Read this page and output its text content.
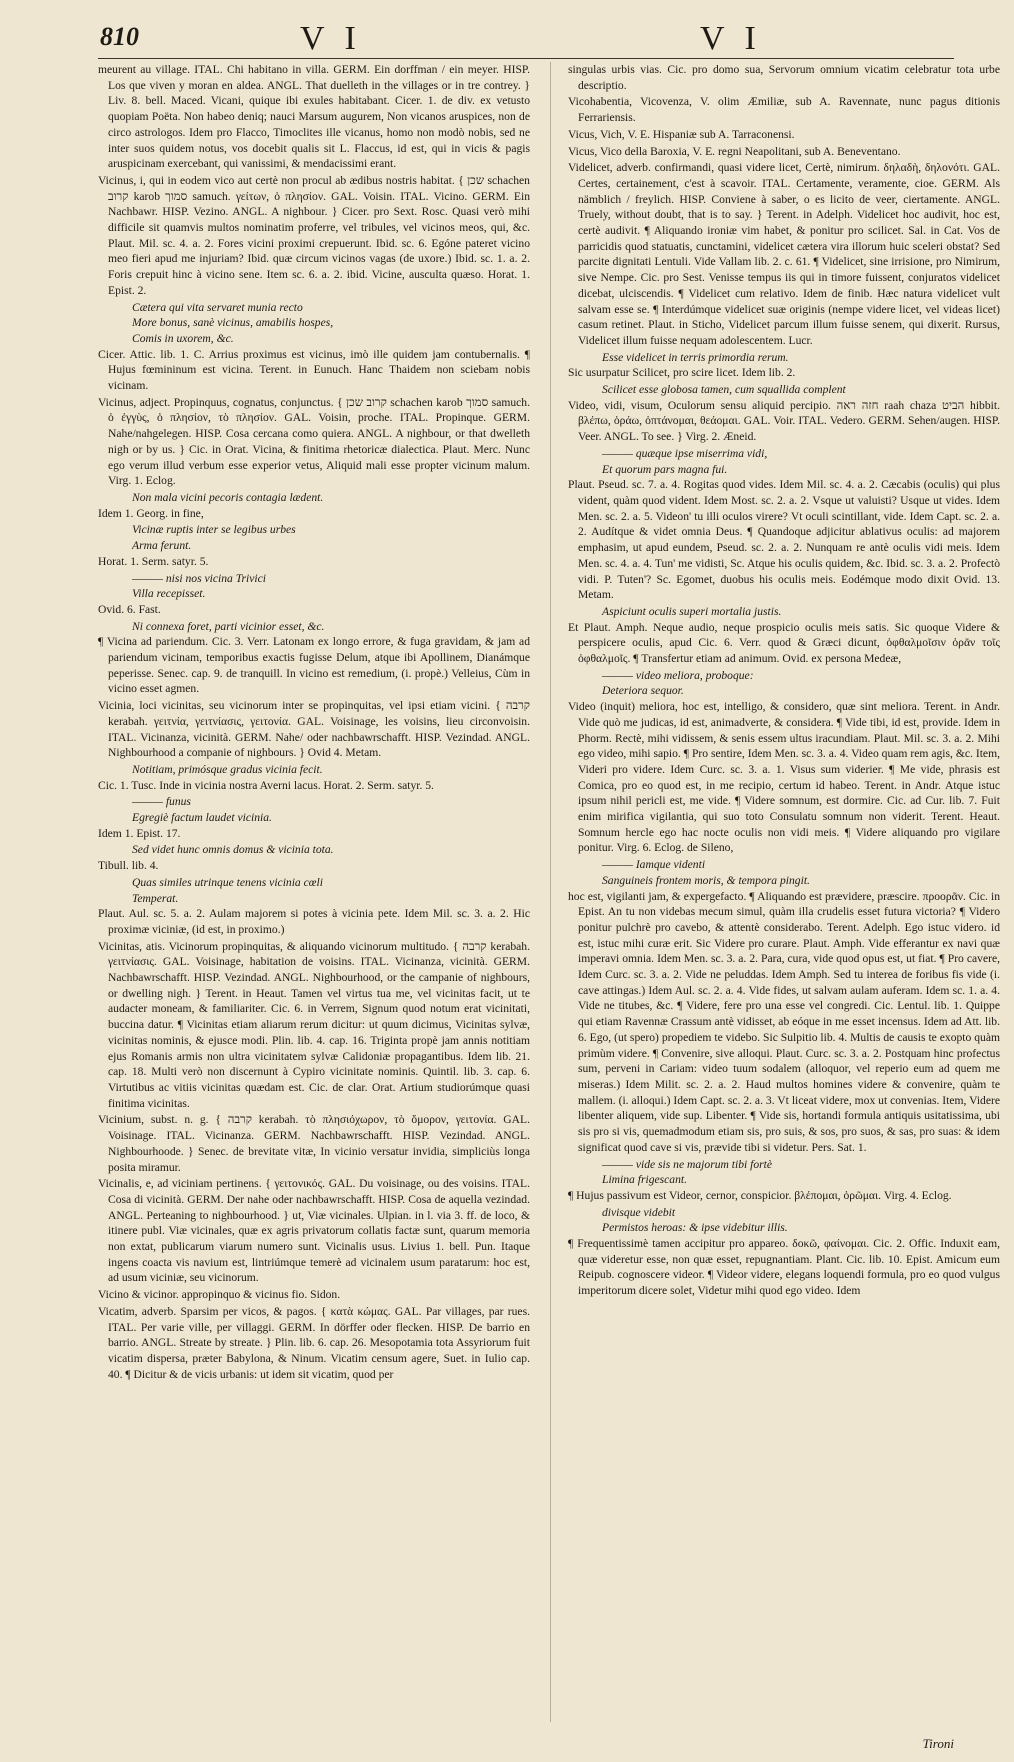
810	V I	V I

meurent au village. ITAL. Chi habitano in villa. GERM. Ein dorffman / ein meyer. HISP. Los que viven y moran en aldea. ANGL. That duelleth in the villages or in tre contrey. } Liv. 8. bell. Maced. Vicani, quique ibi exules habitabant. Cicer. 1. de div. ex vetusto quopiam Poëta. Non habeo deniq; nauci Marsum augurem, Non vicanos aruspices, non de circo astrologos. Idem pro Flacco, Timoclites ille vicanus, homo non modò nobis, sed ne inter suos quidem notus, vos docebit qualis sit L. Flaccus, id est, qui in vicis & pagis aruspicinam exercebant, qui vanissimi, & mendacissimi erant.

Vicinus, i, qui in eodem vico aut certè non procul ab ædibus nostris habitat. { שכן schachen קרוב karob סמוך samuch. γείτων, ὁ πλησίον. GAL. Voisin. ITAL. Vicino. GERM. Ein Nachbawr. HISP. Vezino. ANGL. A nighbour. } Cicer. pro Sext. Rosc. Quasi verò mihi difficile sit quamvis multos nominatim proferre, vel tribules, vel vicinos meos, qui, &c. Plaut. Mil. sc. 4. a. 2. Fores vicini proximi crepuerunt. Ibid. sc. 6. Egóne pateret vicino meo fieri apud me injuriam? Ibid. quæ circum vicinos vagas (de uxore.) Ibid. sc. 1. a. 2. Foris crepuit hinc à vicino sene. Item sc. 6. a. 2. ibid. Vicine, ausculta quæso. Horat. 1. Epist. 2.

Cætera qui vita servaret munia recto

More bonus, sanè vicinus, amabilis hospes,

Comis in uxorem, &c.

Cicer. Attic. lib. 1. C. Arrius proximus est vicinus, imò ille quidem jam contubernalis. ¶ Hujus fœmininum est vicina. Terent. in Eunuch. Hanc Thaidem non sciebam nobis vicinam.

Vicinus, adject. Propinquus, cognatus, conjunctus. { קרוב שכן schachen karob סמוך samuch. ὁ ἐγγὺς, ὁ πλησίον, τὸ πλησίον. GAL. Voisin, proche. ITAL. Propinque. GERM. Nahe/nahgelegen. HISP. Cosa cercana como quiera. ANGL. A nighbour, or that dwelleth nigh or by us. } Cic. in Orat. Vicina, & finitima rhetoricæ dialectica. Plaut. Merc. Nunc ego verum illud verbum esse experior vetus, Aliquid mali esse propter vicinum malum. Virg. 1. Eclog.

Non mala vicini pecoris contagia lædent.

Idem 1. Georg. in fine,

Vicinæ ruptis inter se legibus urbes

Arma ferunt.

Horat. 1. Serm. satyr. 5.

——— nisi nos vicina Trivici

Villa recepisset.

Ovid. 6. Fast.

Ni connexa foret, parti vicinior esset, &c.

¶ Vicina ad pariendum. Cic. 3. Verr. Latonam ex longo errore, & fuga gravidam, & jam ad pariendum vicinam, temporibus exactis fugisse Delum, atque ibi Apollinem, Dianámque peperisse. Senec. cap. 9. de tranquill. In vicino est remedium, (i. propè.) Velleius, Cùm in vicino esset agmen.

Vicinia, loci vicinitas, seu vicinorum inter se propinquitas, vel ipsi etiam vicini. { קרבה kerabah. γειτνία, γειτνίασις, γειτονία. GAL. Voisinage, les voisins, lieu circonvoisin. ITAL. Vicinanza, vicinità. GERM. Nahe/ oder nachbawrschafft. HISP. Vezindad. ANGL. Nighbourhood a companie of nighbours. } Ovid 4. Metam.

Notitiam, primósque gradus vicinia fecit.

Cic. 1. Tusc. Inde in vicinia nostra Averni lacus. Horat. 2. Serm. satyr. 5.

——— funus

Egregiè factum laudet vicinia.

Idem 1. Epist. 17.

Sed videt hunc omnis domus & vicinia tota.

Tibull. lib. 4.

Quas similes utrinque tenens vicinia cœli

Temperat.

Plaut. Aul. sc. 5. a. 2. Aulam majorem si potes à vicinia pete. Idem Mil. sc. 3. a. 2. Hic proximæ viciniæ, (id est, in proximo.)

Vicinitas, atis. Vicinorum propinquitas, & aliquando vicinorum multitudo. { קרבה kerabah. γειτνίασις. GAL. Voisinage, habitation de voisins. ITAL. Vicinanza, vicinità. GERM. Nachbawrschafft. HISP. Vezindad. ANGL. Nighbourhood, or the campanie of nighbours, or dwelling nigh. } Terent. in Heaut. Tamen vel virtus tua me, vel vicinitas facit, ut te audacter moneam, & familiariter. Cic. 6. in Verrem, Signum quod notum erat vicinitati, buccina datur. ¶ Vicinitas etiam aliarum rerum dicitur: ut quum dicimus, Vicinitas sylvæ, vicinitas nominis, & ejusce modi. Plin. lib. 4. cap. 16. Triginta propè jam annis notitiam ejus Romanis armis non ultra vicinitatem sylvæ Calidoniæ propagantibus. Idem lib. 21. cap. 18. Multi verò non discernunt à Cypiro vicinitate nominis. Quintil. lib. 3. cap. 6. Virtutibus ac vitiis vicinitas quædam est. Cic. de clar. Orat. Artium studiorúmque quasi finitima vicinitas.

Vicinium, subst. n. g. { קרבה kerabah. τὸ πλησιόχωρον, τὸ ὅμορον, γειτονία. GAL. Voisinage. ITAL. Vicinanza. GERM. Nachbawrschafft. HISP. Vezindad. ANGL. Nighbourhoode. } Senec. de brevitate vitæ, In vicinio versatur invidia, simpliciùs longa posita miramur.

Vicinalis, e, ad viciniam pertinens. { γειτονικός. GAL. Du voisinage, ou des voisins. ITAL. Cosa di vicinità. GERM. Der nahe oder nachbawrschafft. HISP. Cosa de aquella vezindad. ANGL. Perteaning to nighbourhood. } ut, Viæ vicinales. Ulpian. in l. via 3. ff. de loco, & itinere publ. Viæ vicinales, quæ ex agris privatorum collatis factæ sunt, quarum memoria non extat, publicarum viarum numero sunt. Vicinalis usus. Livius 1. bell. Pun. Itaque ingens coacta vis navium est, lintriúmque temerè ad vicinalem usum paratarum: hoc est, ad usum viciniæ, seu vicinorum.

Vicino & vicinor. appropinquo & vicinus fio. Sidon.

Vicatim, adverb. Sparsim per vicos, & pagos. { κατὰ κώμας. GAL. Par villages, par rues. ITAL. Per varie ville, per villaggi. GERM. In dörffer oder flecken. HISP. De barrio en barrio. ANGL. Streate by streate. } Plin. lib. 6. cap. 26. Mesopotamia tota Assyriorum fuit vicatim dispersa, præter Babylona, & Ninum. Vicatim censum agere, Suet. in Iulio cap. 40. ¶ Dicitur & de vicis urbanis: ut idem sit vicatim, quod per

singulas urbis vias. Cic. pro domo sua, Servorum omnium vicatim celebratur tota urbe descriptio.

Vicohabentia, Vicovenza, V. olim Æmiliæ, sub A. Ravennate, nunc pagus ditionis Ferrariensis.

Vicus, Vich, V. E. Hispaniæ sub A. Tarraconensi.

Vicus, Vico della Baroxia, V. E. regni Neapolitani, sub A. Beneventano.

Videlicet, adverb. confirmandi, quasi videre licet, Certè, nimirum. δηλαδὴ, δηλονότι. GAL. Certes, certainement, c'est à scavoir. ITAL. Certamente, veramente, cioe. GERM. Als nämblich / freylich. HISP. Conviene à saber, o es licito de veer, ciertamente. ANGL. Truely, without doubt, that is to say. } Terent. in Adelph. Videlicet hoc audivit, hoc est, certè audivit. ¶ Aliquando ironiæ vim habet, & ponitur pro scilicet. Sal. in Cat. Vos de parricidis quod statuatis, cunctamini, videlicet cætera vira illorum huic sceleri obstat? Sed parcite dignitati Lentuli. Vide Vallam lib. 2. c. 61. ¶ Videlicet, sine irrisione, pro Nimirum, sive Nempe. Cic. pro Sest. Venisse tempus iis qui in timore fuissent, conjuratos videlicet dicebat, ulciscendis. ¶ Videlicet cum relativo. Idem de finib. Hæc natura videlicet vult salvam esse se. ¶ Interdúmque videlicet suæ originis (nempe videre licet, vel videas licet) casum retinet. Plaut. in Sticho, Videlicet parcum illum fuisse senem, qui dixerit. Rursus, Videlicet illum fuisse nequam adolescentem. Lucr.

Esse videlicet in terris primordia rerum.

Sic usurpatur Scilicet, pro scire licet. Idem lib. 2.

Scilicet esse globosa tamen, cum squallida complent

Video, vidi, visum, Oculorum sensu aliquid percipio. חזה ראה raah chaza הביט hibbit. βλέπω, ὁράω, ὀπτάνομαι, θεάομαι. GAL. Voir. ITAL. Vedero. GERM. Sehen/augen. HISP. Veer. ANGL. To see. } Virg. 2. Æneid.

——— quæque ipse miserrima vidi,

Et quorum pars magna fui.

Plaut. Pseud. sc. 7. a. 4. Rogitas quod vides. Idem Mil. sc. 4. a. 2. Cæcabis (oculis) qui plus vident, quàm quod vident. Idem Most. sc. 2. a. 2. Vsque ut valuisti? Usque ut vides. Idem Men. sc. 2. a. 5. Videon' tu illi oculos virere? Vt oculi scintillant, vide. Idem Capt. sc. 2. a. 2. Audítque & videt omnia Deus. ¶ Quandoque adjicitur ablativus oculis: ad majorem emphasim, ut apud eundem, Pseud. sc. 2. a. 2. Nunquam re antè oculis vidi meis. Idem Men. sc. 4. a. 4. Tun' me vidisti, Sc. Atque his oculis quidem, &c. Ibid. sc. 3. a. 2. Profectò vidi. P. Tuten'? Sc. Egomet, duobus his oculis meis. Eodémque modo dixit Ovid. 13. Metam.

Aspiciunt oculis superi mortalia justis.

Et Plaut. Amph. Neque audio, neque prospicio oculis meis satis. Sic quoque Videre & perspicere oculis, apud Cic. 6. Verr. quod & Græci dicunt, ὀφθαλμοῖσιν ὁρᾶν τοῖς ὀφθαλμοῖς. ¶ Transfertur etiam ad animum. Ovid. ex persona Medeæ,

——— video meliora, proboque:

Deteriora sequor.

Video (inquit) meliora, hoc est, intelligo, & considero, quæ sint meliora. Terent. in Andr. Vide quò me judicas, id est, animadverte, & considera. ¶ Vide tibi, id est, provide. Idem in Phorm. Rectè, mihi vidissem, & senis essem ultus iracundiam. Plaut. Mil. sc. 3. a. 2. Mihi ego video, mihi sapio. ¶ Pro sentire, Idem Men. sc. 3. a. 4. Video quam rem agis, &c. Item, Videri pro videre. Idem Curc. sc. 3. a. 1. Visus sum viderier. ¶ Me vide, phrasis est Comica, pro eo quod est, in me recipio, certum id habeo. Terent. in Andr. Atque istuc ipsum nihil pericli est, me vide. ¶ Videre somnum, est dormire. Cic. ad Cur. lib. 7. Fuit enim mirifica vigilantia, qui suo toto Consulatu somnum non viderit. Terent. Heaut. Somnum hercle ego hac nocte oculis non vidi meis. ¶ Videre aliquando pro vigilare ponitur. Virg. 6. Eclog. de Sileno,

——— Iamque videnti

Sanguineis frontem moris, & tempora pingit.

hoc est, vigilanti jam, & expergefacto. ¶ Aliquando est prævidere, præscire. προορᾶν. Cic. in Epist. An tu non videbas mecum simul, quàm illa crudelis esset futura victoria? ¶ Videro ponitur pulchrè pro cavebo, & attentè considerabo. Terent. Adelph. Ego istuc videro. id est, istuc mihi curæ erit. Sic Videre pro curare. Plaut. Amph. Vide efferantur ex navi quæ imperavi omnia. Idem Men. sc. 3. a. 2. Para, cura, vide quod opus est, ut fiat. ¶ Pro cavere, Idem Curc. sc. 3. a. 2. Vide ne peluddas. Idem Amph. Sed tu interea de foribus fis vide (i. cave attingas.) Idem Aul. sc. 2. a. 4. Vide fides, ut salvam aulam auferam. Idem sc. 1. a. 4. Vide ne titubes, &c. ¶ Videre, fere pro una esse vel congredi. Cic. Lentul. lib. 1. Quippe qui etiam Ravennæ Crassum antè vidisset, ab eóque in me esset incensus. Idem ad Att. lib. 6. Ego, (ut spero) propediem te videbo. Sic Sulpitio lib. 4. Multis de causis te exopto quàm primùm videre. ¶ Convenire, sive alloqui. Plaut. Curc. sc. 3. a. 2. Postquam hinc profectus sum, perveni in Cariam: video tuum sodalem (alloquor, vel reperio eum ad quem me miseras.) Idem Milit. sc. 2. a. 2. Haud multos homines videre & convenire, quàm te mallem. (i. alloqui.) Idem Capt. sc. 2. a. 3. Vt liceat videre, mox ut convenias. Item, Videre libenter aliquem, vide sup. Libenter. ¶ Vide sis, hortandi formula antiquis usitatissima, ubi sis pro si vis, quemadmodum etiam sis, pro suis, & sos, pro suos, & sas, pro suas: & idem significat quod cave si vis, prævide tibi si videtur. Pers. Sat. 1.

——— vide sis ne majorum tibi fortè

Limina frigescant.

¶ Hujus passivum est Videor, cernor, conspicior. βλέπομαι, ὁρῶμαι. Virg. 4. Eclog.

divisque videbit

Permistos heroas: & ipse videbitur illis.

¶ Frequentissimè tamen accipitur pro appareo. δοκῶ, φαίνομαι. Cic. 2. Offic. Induxit eam, quæ videretur esse, non quæ esset, repugnantiam. Plant. Cic. lib. 10. Epist. Amicum eum Reipub. cognoscere videor. ¶ Videor videre, elegans loquendi formula, pro eo quod vulgus imperitorum dicere solet, Videtur mihi quod ego video. Idem

Tironi
